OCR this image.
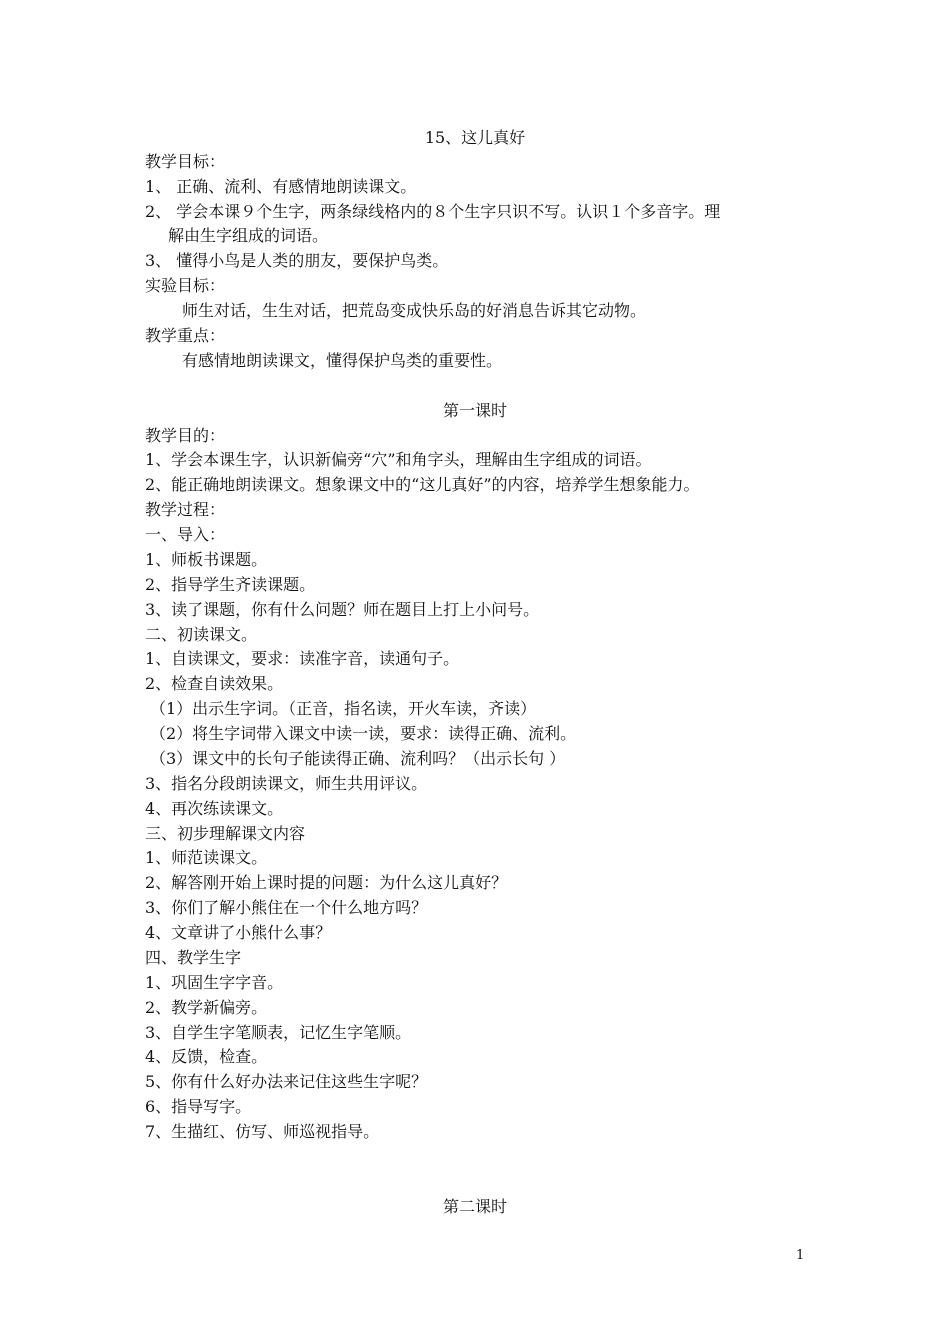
15、这儿真好
教学目标：
1、 正确、流利、有感情地朗读课文。
2、 学会本课９个生字，两条绿线格内的８个生字只识不写。认识１个多音字。理
解由生字组成的词语。
3、 懂得小鸟是人类的朋友，要保护鸟类。
实验目标：
师生对话，生生对话，把荒岛变成快乐岛的好消息告诉其它动物。
教学重点：
有感情地朗读课文，懂得保护鸟类的重要性。
第一课时
教学目的：
1、学会本课生字，认识新偏旁“穴”和角字头，理解由生字组成的词语。
2、能正确地朗读课文。想象课文中的“这儿真好”的内容，培养学生想象能力。
教学过程：
一、导入：
1、师板书课题。
2、指导学生齐读课题。
3、读了课题，你有什么问题？师在题目上打上小问号。
二、初读课文。
1、自读课文，要求：读准字音，读通句子。
2、检查自读效果。
（1）出示生字词。（正音，指名读，开火车读，齐读）
（2）将生字词带入课文中读一读，要求：读得正确、流利。
（3）课文中的长句子能读得正确、流利吗？（出示长句 ）
3、指名分段朗读课文，师生共用评议。
4、再次练读课文。
三、初步理解课文内容
1、师范读课文。
2、解答刚开始上课时提的问题：为什么这儿真好？
3、你们了解小熊住在一个什么地方吗？
4、文章讲了小熊什么事？
四、教学生字
1、巩固生字字音。
2、教学新偏旁。
3、自学生字笔顺表，记忆生字笔顺。
4、反馈，检查。
5、你有什么好办法来记住这些生字呢？
6、指导写字。
7、生描红、仿写、师巡视指导。
第二课时
1
